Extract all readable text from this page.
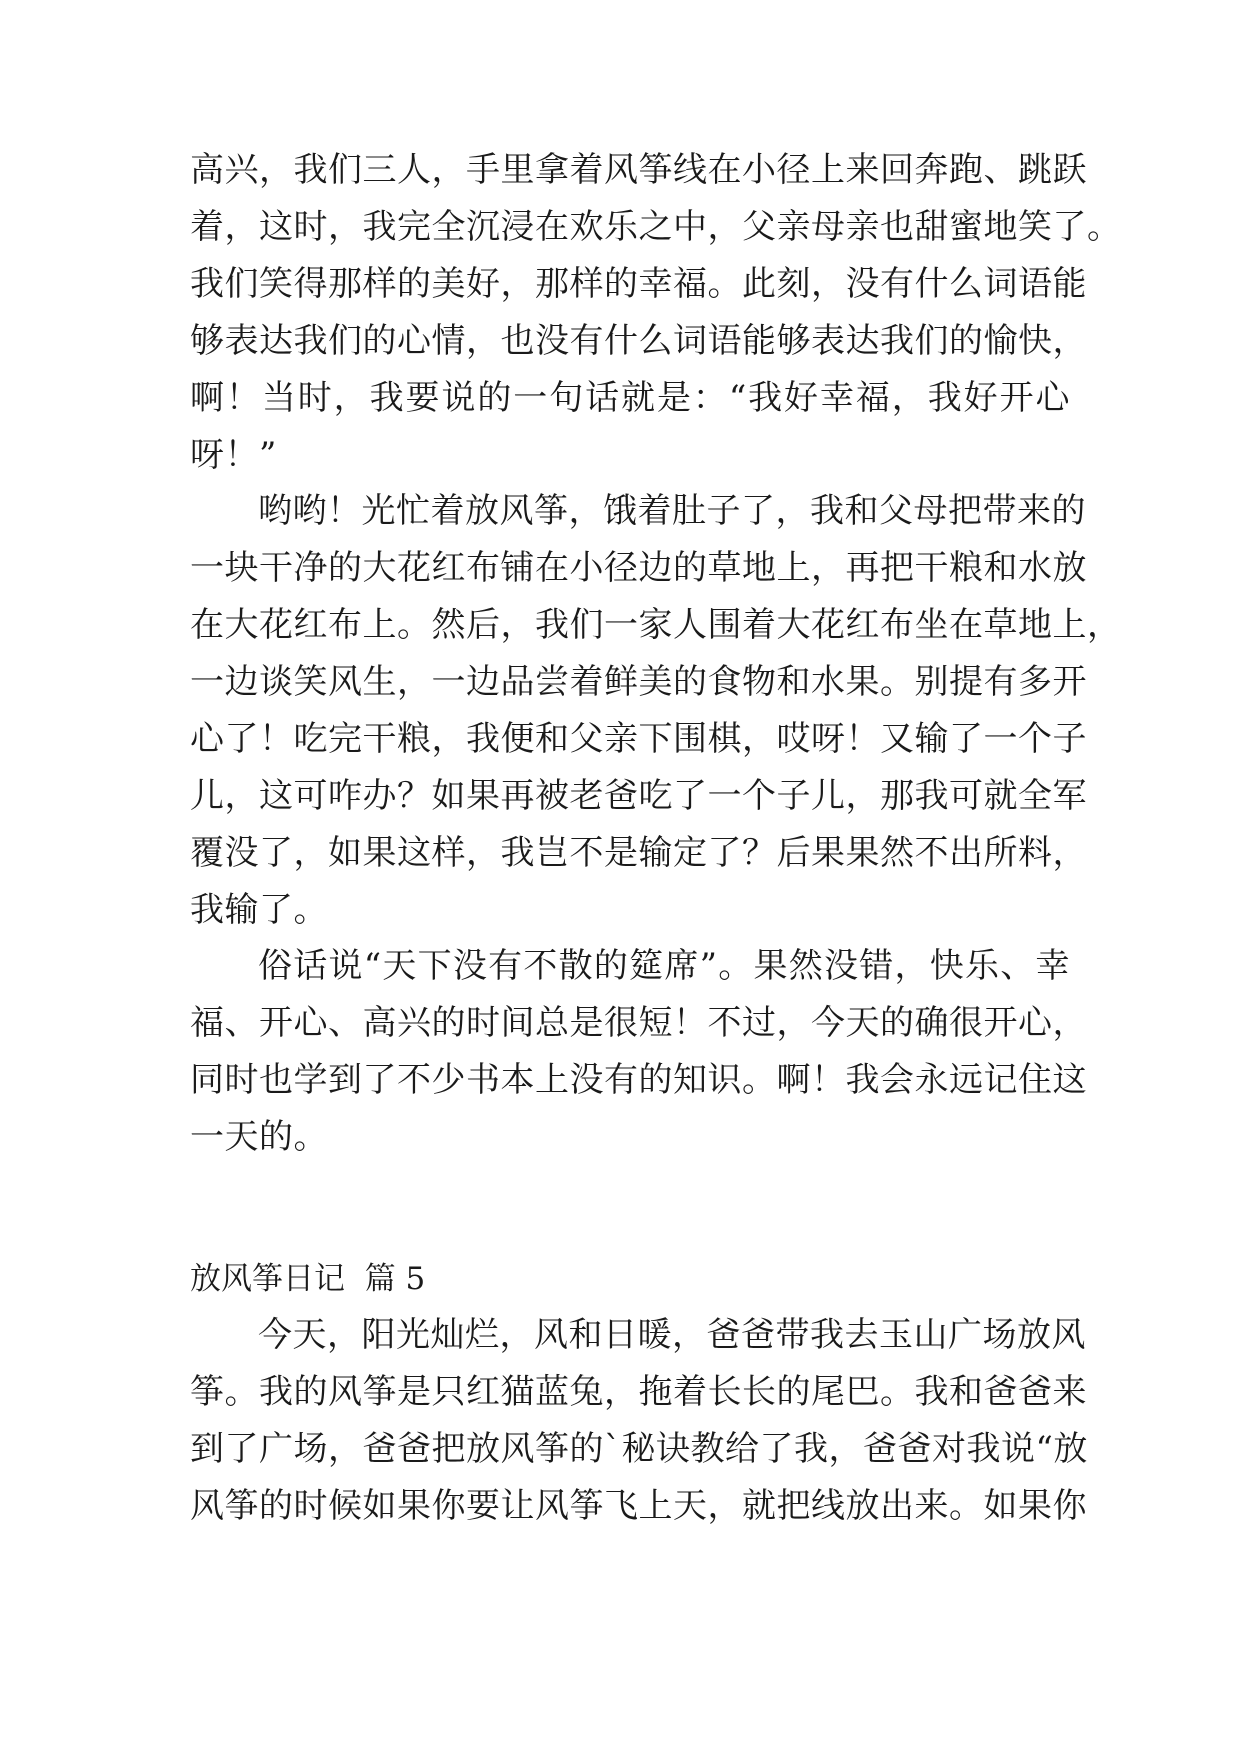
高兴，我们三人，手里拿着风筝线在小径上来回奔跑、跳跃
着，这时，我完全沉浸在欢乐之中，父亲母亲也甜蜜地笑了。
我们笑得那样的美好，那样的幸福。此刻，没有什么词语能
够表达我们的心情，也没有什么词语能够表达我们的愉快，
啊！当时，我要说的一句话就是：“我好幸福，我好开心
呀！”
哟哟！光忙着放风筝，饿着肚子了，我和父母把带来的
一块干净的大花红布铺在小径边的草地上，再把干粮和水放
在大花红布上。然后，我们一家人围着大花红布坐在草地上，
一边谈笑风生，一边品尝着鲜美的食物和水果。别提有多开
心了！吃完干粮，我便和父亲下围棋，哎呀！又输了一个子
儿，这可咋办？如果再被老爸吃了一个子儿，那我可就全军
覆没了，如果这样，我岂不是输定了？后果果然不出所料，
我输了。
俗话说“天下没有不散的筵席”。果然没错，快乐、幸
福、开心、高兴的时间总是很短！不过，今天的确很开心，
同时也学到了不少书本上没有的知识。啊！我会永远记住这
一天的。
放风筝日记  篇 5
今天，阳光灿烂，风和日暖，爸爸带我去玉山广场放风
筝。我的风筝是只红猫蓝兔，拖着长长的尾巴。我和爸爸来
到了广场，爸爸把放风筝的`秘诀教给了我，爸爸对我说“放
风筝的时候如果你要让风筝飞上天，就把线放出来。如果你
